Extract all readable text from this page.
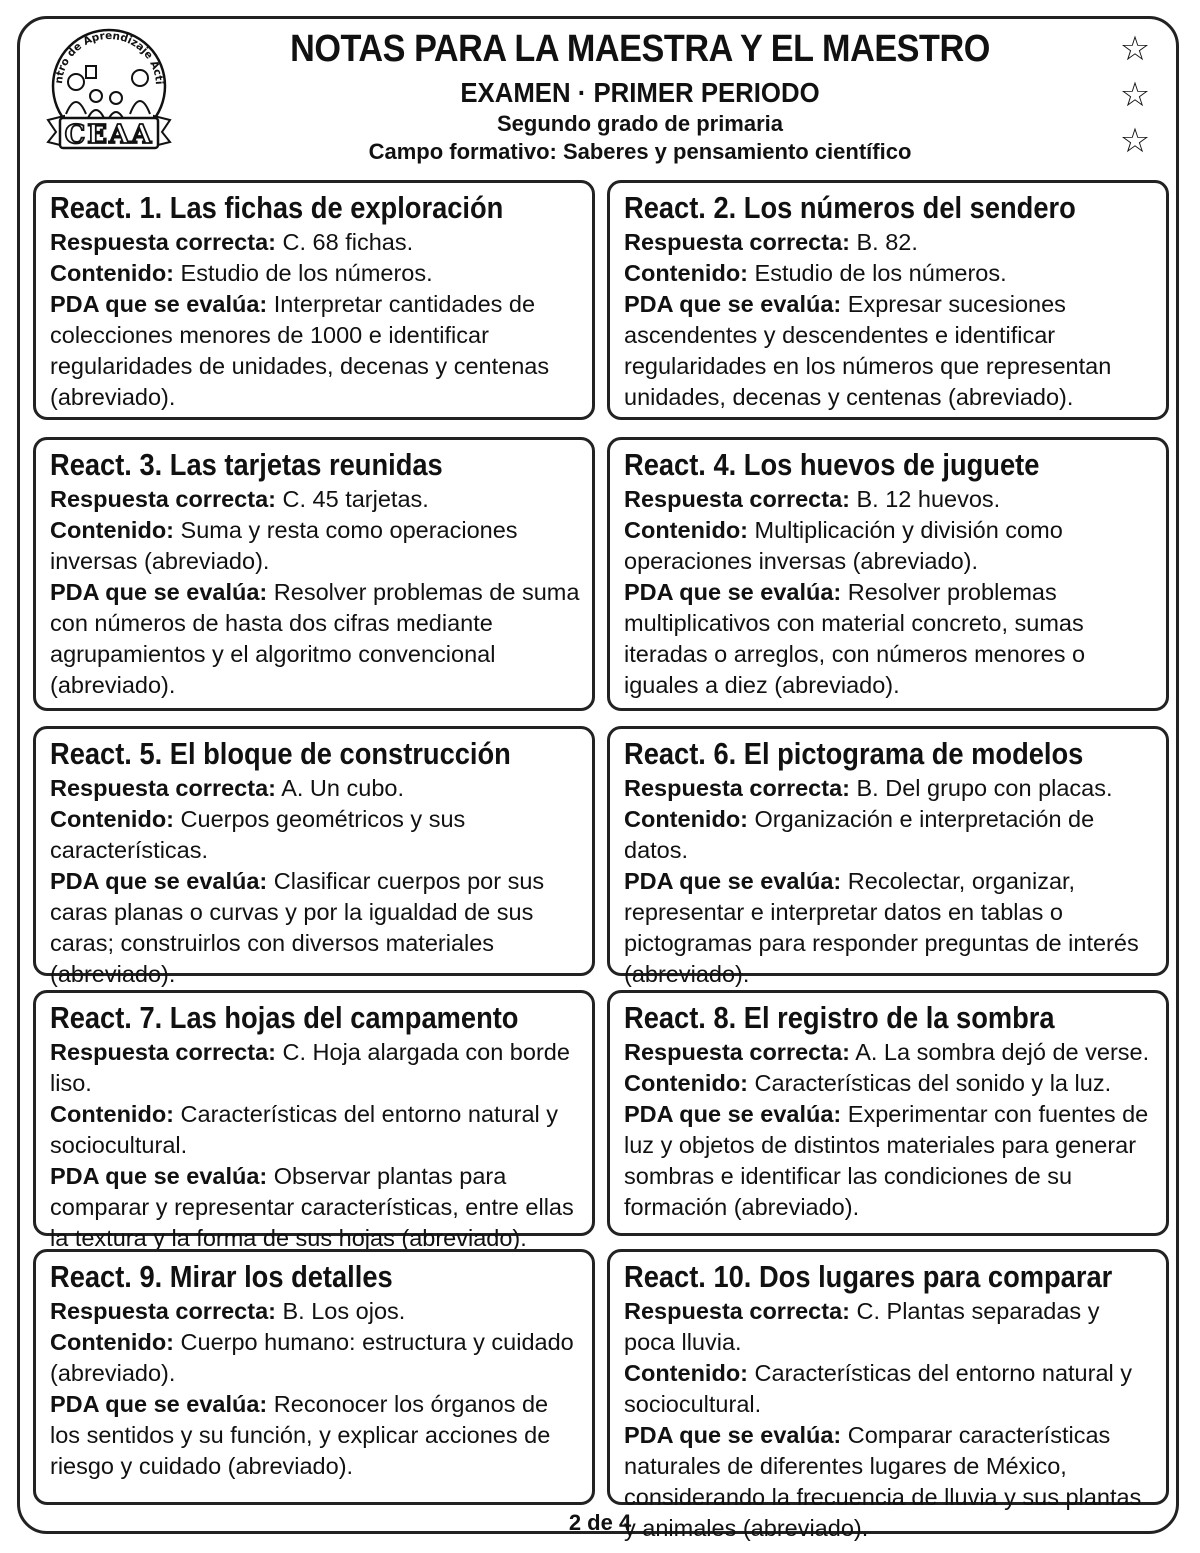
ntro de Aprendizaje Acti
CEAA
NOTAS PARA LA MAESTRA Y EL MAESTRO
EXAMEN · PRIMER PERIODO
Segundo grado de primaria
Campo formativo: Saberes y pensamiento científico
☆
☆
☆
React. 1. Las fichas de exploración
Respuesta correcta: C. 68 fichas.
Contenido: Estudio de los números.
PDA que se evalúa: Interpretar cantidades de colecciones menores de 1000 e identificar regularidades de unidades, decenas y centenas (abreviado).
React. 2. Los números del sendero
Respuesta correcta: B. 82.
Contenido: Estudio de los números.
PDA que se evalúa: Expresar sucesiones ascendentes y descendentes e identificar regularidades en los números que representan unidades, decenas y centenas (abreviado).
React. 3. Las tarjetas reunidas
Respuesta correcta: C. 45 tarjetas.
Contenido: Suma y resta como operaciones inversas (abreviado).
PDA que se evalúa: Resolver problemas de suma con números de hasta dos cifras mediante agrupamientos y el algoritmo convencional (abreviado).
React. 4. Los huevos de juguete
Respuesta correcta: B. 12 huevos.
Contenido: Multiplicación y división como operaciones inversas (abreviado).
PDA que se evalúa: Resolver problemas multiplicativos con material concreto, sumas iteradas o arreglos, con números menores o iguales a diez (abreviado).
React. 5. El bloque de construcción
Respuesta correcta: A. Un cubo.
Contenido: Cuerpos geométricos y sus características.
PDA que se evalúa: Clasificar cuerpos por sus caras planas o curvas y por la igualdad de sus caras; construirlos con diversos materiales (abreviado).
React. 6. El pictograma de modelos
Respuesta correcta: B. Del grupo con placas.
Contenido: Organización e interpretación de datos.
PDA que se evalúa: Recolectar, organizar, representar e interpretar datos en tablas o pictogramas para responder preguntas de interés (abreviado).
React. 7. Las hojas del campamento
Respuesta correcta: C. Hoja alargada con borde liso.
Contenido: Características del entorno natural y sociocultural.
PDA que se evalúa: Observar plantas para comparar y representar características, entre ellas la textura y la forma de sus hojas (abreviado).
React. 8. El registro de la sombra
Respuesta correcta: A. La sombra dejó de verse.
Contenido: Características del sonido y la luz.
PDA que se evalúa: Experimentar con fuentes de luz y objetos de distintos materiales para generar sombras e identificar las condiciones de su formación (abreviado).
React. 9. Mirar los detalles
Respuesta correcta: B. Los ojos.
Contenido: Cuerpo humano: estructura y cuidado (abreviado).
PDA que se evalúa: Reconocer los órganos de los sentidos y su función, y explicar acciones de riesgo y cuidado (abreviado).
React. 10. Dos lugares para comparar
Respuesta correcta: C. Plantas separadas y poca lluvia.
Contenido: Características del entorno natural y sociocultural.
PDA que se evalúa: Comparar características naturales de diferentes lugares de México, considerando la frecuencia de lluvia y sus plantas y animales (abreviado).
2 de 4
